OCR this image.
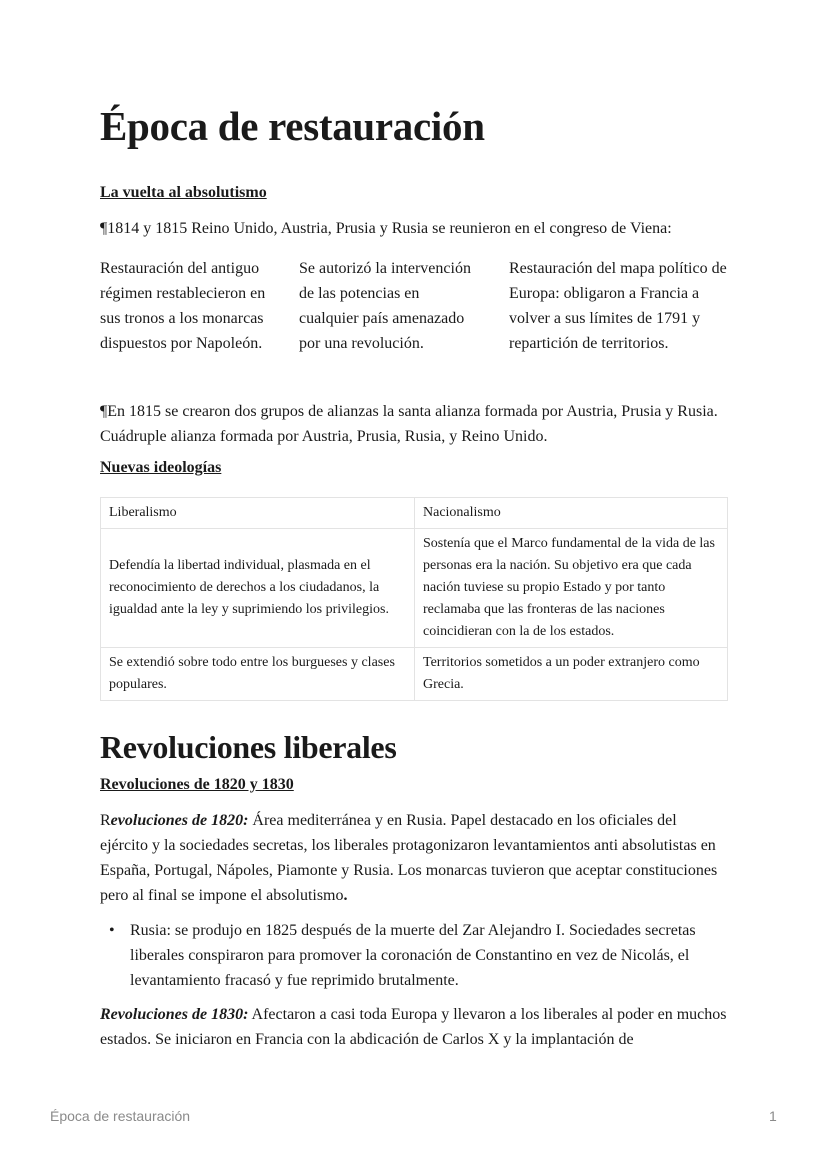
Época de restauración

La vuelta al absolutismo

¶1814 y 1815 Reino Unido, Austria, Prusia y Rusia se reunieron en el congreso de Viena:

Restauración del antiguo régimen restablecieron en sus tronos a los monarcas dispuestos por Napoleón.
Se autorizó la intervención de las potencias en cualquier país amenazado por una revolución.
Restauración del mapa político de Europa: obligaron a Francia a volver a sus límites de 1791 y repartición de territorios.

¶En 1815 se crearon dos grupos de alianzas la santa alianza formada por Austria, Prusia y Rusia. Cuádruple alianza formada por Austria, Prusia, Rusia, y Reino Unido.

Nuevas ideologías

Liberalismo	Nacionalismo
Defendía la libertad individual, plasmada en el reconocimiento de derechos a los ciudadanos, la igualdad ante la ley y suprimiendo los privilegios.	Sostenía que el Marco fundamental de la vida de las personas era la nación. Su objetivo era que cada nación tuviese su propio Estado y por tanto reclamaba que las fronteras de las naciones coincidieran con la de los estados.
Se extendió sobre todo entre los burgueses y clases populares.	Territorios sometidos a un poder extranjero como Grecia.
Revoluciones liberales

Revoluciones de 1820 y 1830

Revoluciones de 1820: Área mediterránea y en Rusia. Papel destacado en los oficiales del ejército y la sociedades secretas, los liberales protagonizaron levantamientos anti absolutistas en España, Portugal, Nápoles, Piamonte y Rusia. Los monarcas tuvieron que aceptar constituciones pero al final se impone el absolutismo.

• Rusia: se produjo en 1825 después de la muerte del Zar Alejandro I. Sociedades secretas liberales conspiraron para promover la coronación de Constantino en vez de Nicolás, el levantamiento fracasó y fue reprimido brutalmente.

Revoluciones de 1830: Afectaron a casi toda Europa y llevaron a los liberales al poder en muchos estados. Se iniciaron en Francia con la abdicación de Carlos X y la implantación de

Época de restauración	1
